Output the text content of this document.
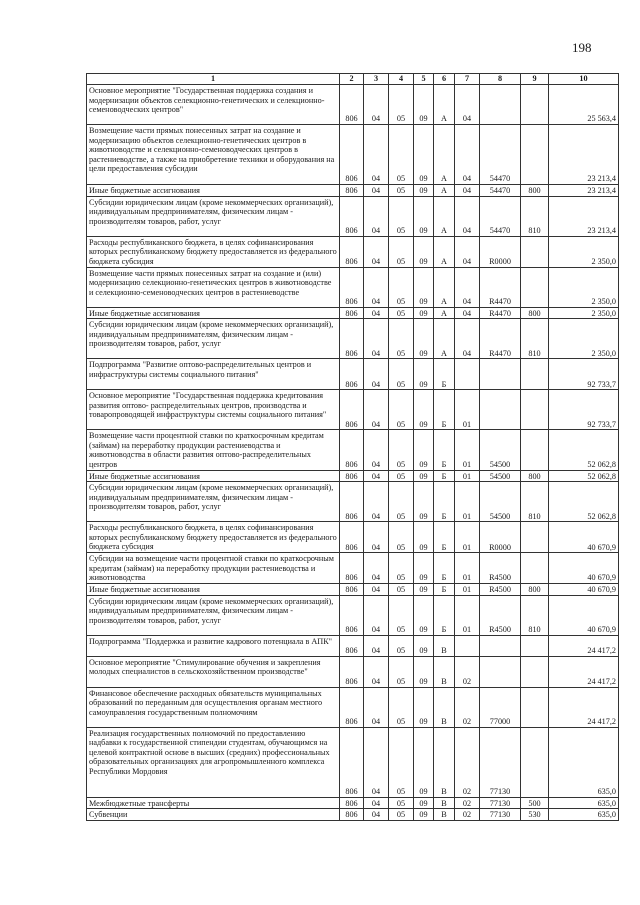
198
1	2	3	4	5	6	7	8	9	10
Основное мероприятие "Государственная поддержка создания и модернизации объектов селекционно-генетических и селекционно-семеноводческих центров"	806	04	05	09	А	04			25 563,4
Возмещение части прямых понесенных затрат на создание и модернизацию объектов селекционно-генетических центров в животноводстве и селекционно-семеноводческих центров в растениеводстве, а также на приобретение техники и оборудования на цели предоставления субсидии	806	04	05	09	А	04	54470		23 213,4
Иные бюджетные ассигнования	806	04	05	09	А	04	54470	800	23 213,4
Субсидии юридическим лицам (кроме некоммерческих организаций), индивидуальным предпринимателям, физическим лицам - производителям товаров, работ, услуг	806	04	05	09	А	04	54470	810	23 213,4
Расходы республиканского бюджета, в целях софинансирования которых республиканскому бюджету предоставляется из федерального бюджета субсидия	806	04	05	09	А	04	R0000		2 350,0
Возмещение части прямых понесенных затрат на создание и (или) модернизацию селекционно-генетических центров в животноводстве и селекционно-семеноводческих центров в растениеводстве	806	04	05	09	А	04	R4470		2 350,0
Иные бюджетные ассигнования	806	04	05	09	А	04	R4470	800	2 350,0
Субсидии юридическим лицам (кроме некоммерческих организаций), индивидуальным предпринимателям, физическим лицам - производителям товаров, работ, услуг	806	04	05	09	А	04	R4470	810	2 350,0
Подпрограмма "Развитие оптово-распределительных центров и инфраструктуры системы социального питания"	806	04	05	09	Б				92 733,7
Основное мероприятие "Государственная поддержка кредитования развития оптово- распределительных центров, производства и товаропроводящей инфраструктуры системы социального питания"	806	04	05	09	Б	01			92 733,7
Возмещение части процентной ставки по краткосрочным кредитам (займам) на переработку продукции растениеводства и животноводства в области развития оптово-распределительных центров	806	04	05	09	Б	01	54500		52 062,8
Иные бюджетные ассигнования	806	04	05	09	Б	01	54500	800	52 062,8
Субсидии юридическим лицам (кроме некоммерческих организаций), индивидуальным предпринимателям, физическим лицам - производителям товаров, работ, услуг	806	04	05	09	Б	01	54500	810	52 062,8
Расходы республиканского бюджета, в целях софинансирования которых республиканскому бюджету предоставляется из федерального бюджета субсидия	806	04	05	09	Б	01	R0000		40 670,9
Субсидии на возмещение части процентной ставки по краткосрочным кредитам (займам) на переработку продукции растениеводства и животноводства	806	04	05	09	Б	01	R4500		40 670,9
Иные бюджетные ассигнования	806	04	05	09	Б	01	R4500	800	40 670,9
Субсидии юридическим лицам (кроме некоммерческих организаций), индивидуальным предпринимателям, физическим лицам - производителям товаров, работ, услуг	806	04	05	09	Б	01	R4500	810	40 670,9
Подпрограмма "Поддержка и развитие кадрового потенциала в АПК"	806	04	05	09	В				24 417,2
Основное мероприятие "Стимулирование обучения и закрепления молодых специалистов в сельскохозяйственном производстве"	806	04	05	09	В	02			24 417,2
Финансовое обеспечение расходных обязательств муниципальных образований по переданным для осуществления органам местного самоуправления государственным полномочиям	806	04	05	09	В	02	77000		24 417,2
Реализация государственных полномочий по предоставлению надбавки к государственной стипендии студентам, обучающимся на целевой контрактной основе в высших (средних) профессиональных образовательных организациях для агропромышленного комплекса Республики Мордовия	806	04	05	09	В	02	77130		635,0
Межбюджетные трансферты	806	04	05	09	В	02	77130	500	635,0
Субвенции	806	04	05	09	В	02	77130	530	635,0
